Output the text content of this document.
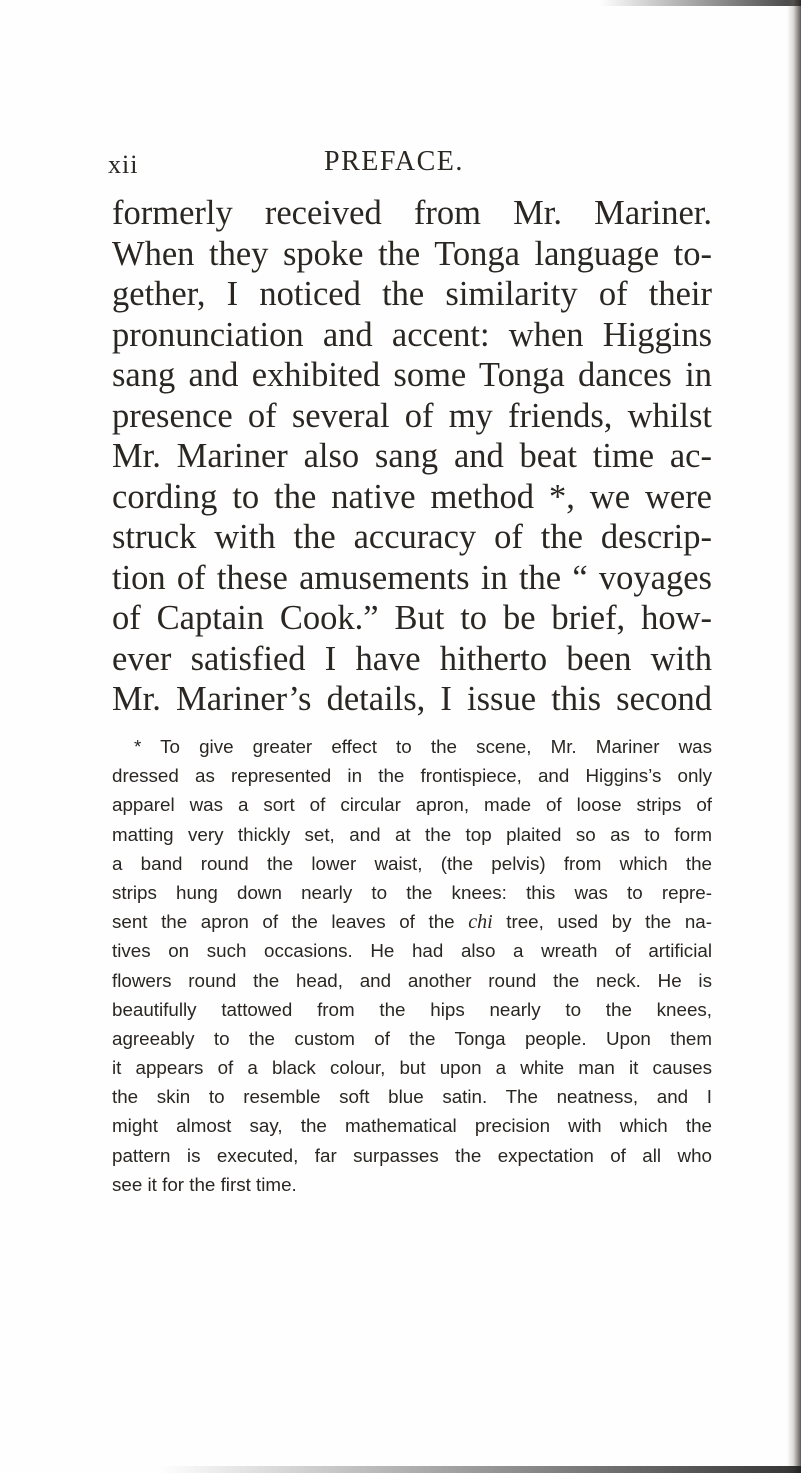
xii	PREFACE.
formerly received from Mr. Mariner.
When they spoke the Tonga language to-
gether, I noticed the similarity of their
pronunciation and accent: when Higgins
sang and exhibited some Tonga dances in
presence of several of my friends, whilst
Mr. Mariner also sang and beat time ac-
cording to the native method *, we were
struck with the accuracy of the descrip-
tion of these amusements in the “ voyages
of Captain Cook.” But to be brief, how-
ever satisfied I have hitherto been with
Mr. Mariner’s details, I issue this second
* To give greater effect to the scene, Mr. Mariner was
dressed as represented in the frontispiece, and Higgins’s only
apparel was a sort of circular apron, made of loose strips of
matting very thickly set, and at the top plaited so as to form
a band round the lower waist, (the pelvis) from which the
strips hung down nearly to the knees: this was to repre-
sent the apron of the leaves of the chi tree, used by the na-
tives on such occasions. He had also a wreath of artificial
flowers round the head, and another round the neck. He is
beautifully tattowed from the hips nearly to the knees,
agreeably to the custom of the Tonga people. Upon them
it appears of a black colour, but upon a white man it causes
the skin to resemble soft blue satin. The neatness, and I
might almost say, the mathematical precision with which the
pattern is executed, far surpasses the expectation of all who
see it for the first time.
